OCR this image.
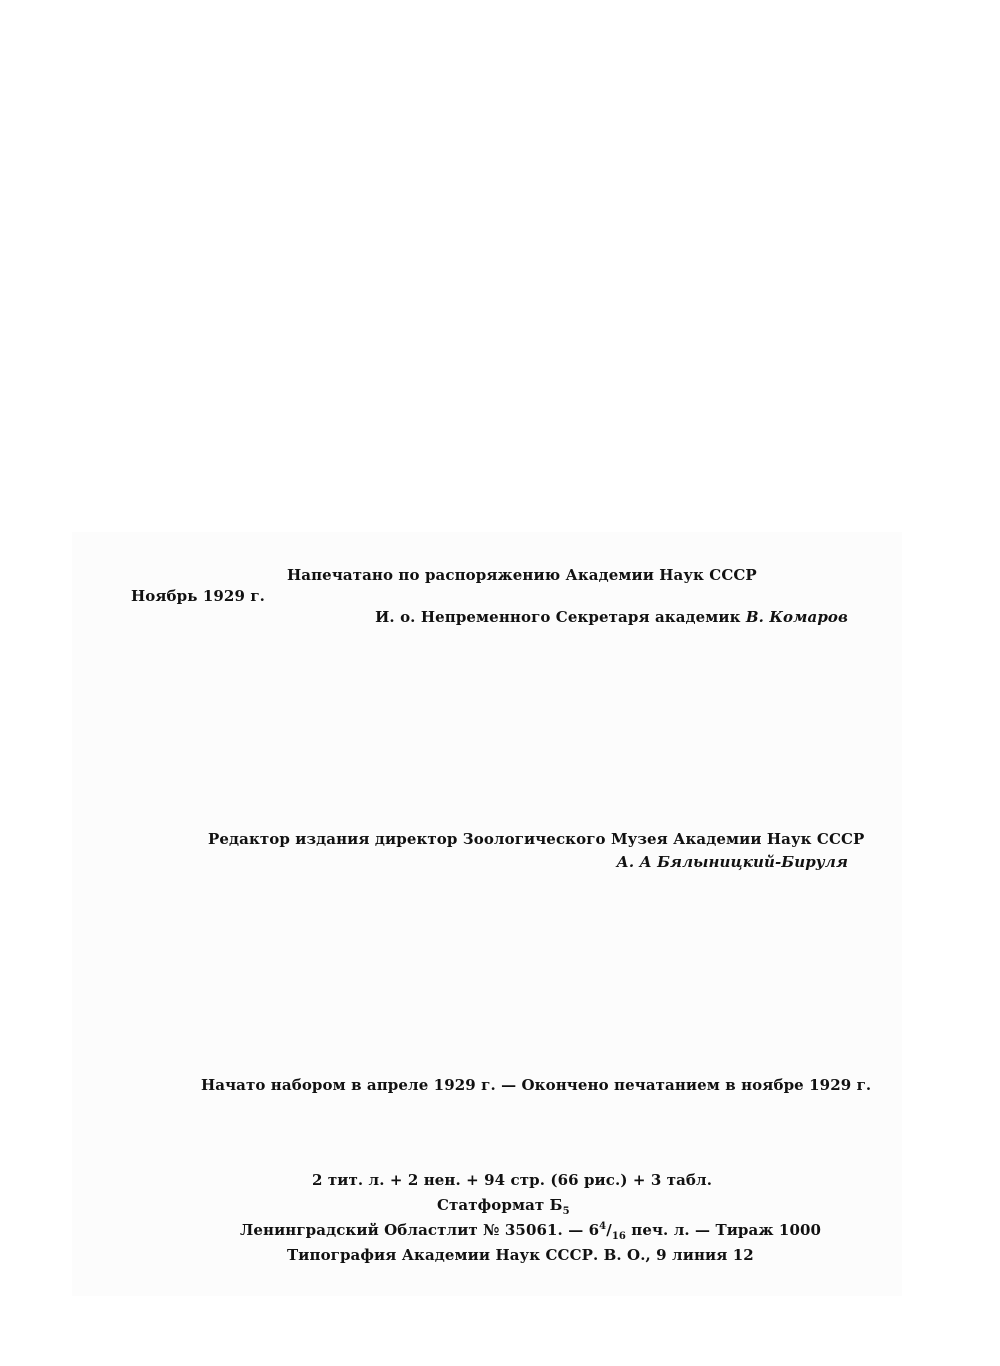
Напечатано по распоряжению Академии Наук СССР
Ноябрь 1929 г.
И. о. Непременного Секретаря академик В. Комаров
Редактор издания директор Зоологического Музея Академии Наук СССР
А. А Бялыницкий-Бируля
Начато набором в апреле 1929 г. — Окончено печатанием в ноябре 1929 г.
2 тит. л. + 2 нен. + 94 стр. (66 рис.) + 3 табл.
Статформат $Б_5$
Ленинградский Областлит № 35061. — $6^4/_{16}$ печ. л. — Тираж 1000
Типография Академии Наук СССР. В. О., 9 линия 12
